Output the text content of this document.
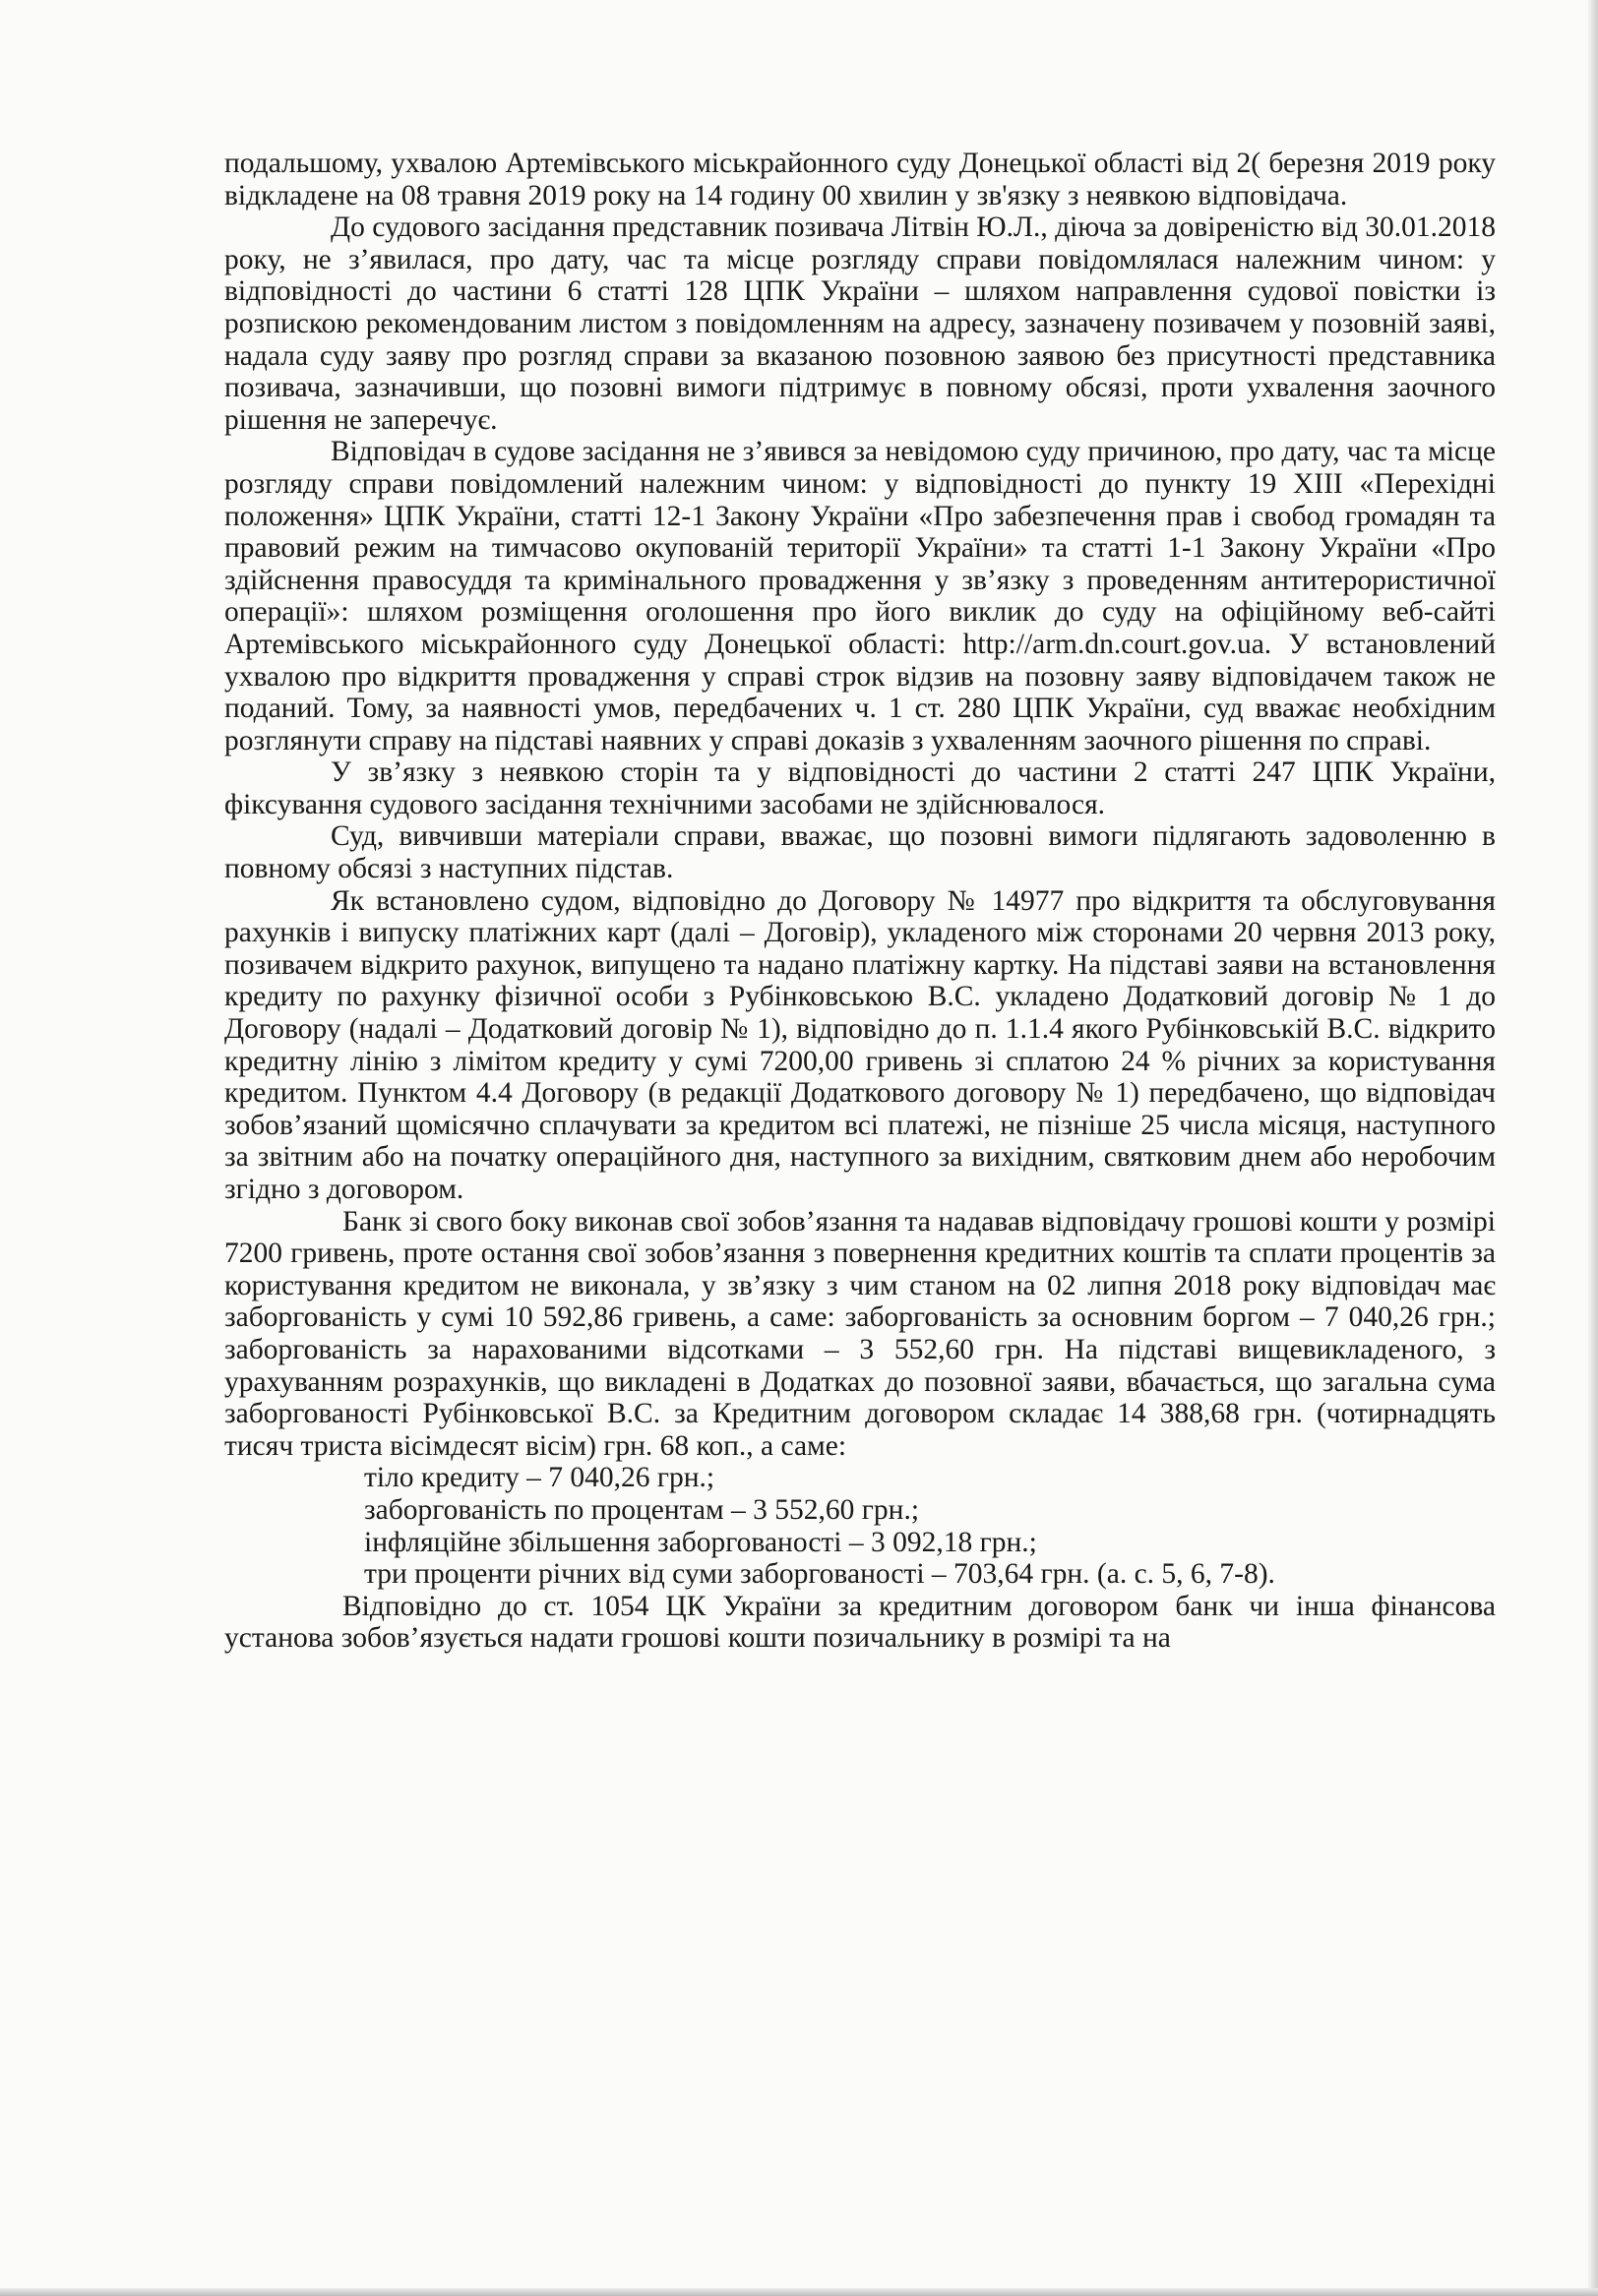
подальшому, ухвалою Артемівського міськрайонного суду Донецької області від 2( березня 2019 року відкладене на 08 травня 2019 року на 14 годину 00 хвилин у зв'язку з неявкою відповідача.

До судового засідання представник позивача Літвін Ю.Л., діюча за довіреністю від 30.01.2018 року, не з’явилася, про дату, час та місце розгляду справи повідомлялася належним чином: у відповідності до частини 6 статті 128 ЦПК України – шляхом направлення судової повістки із розпискою рекомендованим листом з повідомленням на адресу, зазначену позивачем у позовній заяві, надала суду заяву про розгляд справи за вказаною позовною заявою без присутності представника позивача, зазначивши, що позовні вимоги підтримує в повному обсязі, проти ухвалення заочного рішення не заперечує.

Відповідач в судове засідання не з’явився за невідомою суду причиною, про дату, час та місце розгляду справи повідомлений належним чином: у відповідності до пункту 19 ХIII «Перехідні положення» ЦПК України, статті 12-1 Закону України «Про забезпечення прав і свобод громадян та правовий режим на тимчасово окупованій території України» та статті 1-1 Закону України «Про здійснення правосуддя та кримінального провадження у зв’язку з проведенням антитерористичної операції»: шляхом розміщення оголошення про його виклик до суду на офіційному веб-сайті Артемівського міськрайонного суду Донецької області: http://arm.dn.court.gov.ua. У встановлений ухвалою про відкриття провадження у справі строк відзив на позовну заяву відповідачем також не поданий. Тому, за наявності умов, передбачених ч. 1 ст. 280 ЦПК України, суд вважає необхідним розглянути справу на підставі наявних у справі доказів з ухваленням заочного рішення по справі.

У зв’язку з неявкою сторін та у відповідності до частини 2 статті 247 ЦПК України, фіксування судового засідання технічними засобами не здійснювалося.

Суд, вивчивши матеріали справи, вважає, що позовні вимоги підлягають задоволенню в повному обсязі з наступних підстав.

Як встановлено судом, відповідно до Договору № 14977 про відкриття та обслуговування рахунків і випуску платіжних карт (далі – Договір), укладеного між сторонами 20 червня 2013 року, позивачем відкрито рахунок, випущено та надано платіжну картку. На підставі заяви на встановлення кредиту по рахунку фізичної особи з Рубінковською В.С. укладено Додатковий договір № 1 до Договору (надалі – Додатковий договір № 1), відповідно до п. 1.1.4 якого Рубінковській В.С. відкрито кредитну лінію з лімітом кредиту у сумі 7200,00 гривень зі сплатою 24 % річних за користування кредитом. Пунктом 4.4 Договору (в редакції Додаткового договору № 1) передбачено, що відповідач зобов’язаний щомісячно сплачувати за кредитом всі платежі, не пізніше 25 числа місяця, наступного за звітним або на початку операційного дня, наступного за вихідним, святковим днем або неробочим згідно з договором.

Банк зі свого боку виконав свої зобов’язання та надавав відповідачу грошові кошти у розмірі 7200 гривень, проте остання свої зобов’язання з повернення кредитних коштів та сплати процентів за користування кредитом не виконала, у зв’язку з чим станом на 02 липня 2018 року відповідач має заборгованість у сумі 10 592,86 гривень, а саме: заборгованість за основним боргом – 7 040,26 грн.; заборгованість за нарахованими відсотками – 3 552,60 грн. На підставі вищевикладеного, з урахуванням розрахунків, що викладені в Додатках до позовної заяви, вбачається, що загальна сума заборгованості Рубінковської В.С. за Кредитним договором складає 14 388,68 грн. (чотирнадцять тисяч триста вісімдесят вісім) грн. 68 коп., а саме:

тіло кредиту – 7 040,26 грн.;

заборгованість по процентам – 3 552,60 грн.;

інфляційне збільшення заборгованості – 3 092,18 грн.;

три проценти річних від суми заборгованості – 703,64 грн. (а. с. 5, 6, 7-8).

Відповідно до ст. 1054 ЦК України за кредитним договором банк чи інша фінансова установа зобов’язується надати грошові кошти позичальнику в розмірі та на
